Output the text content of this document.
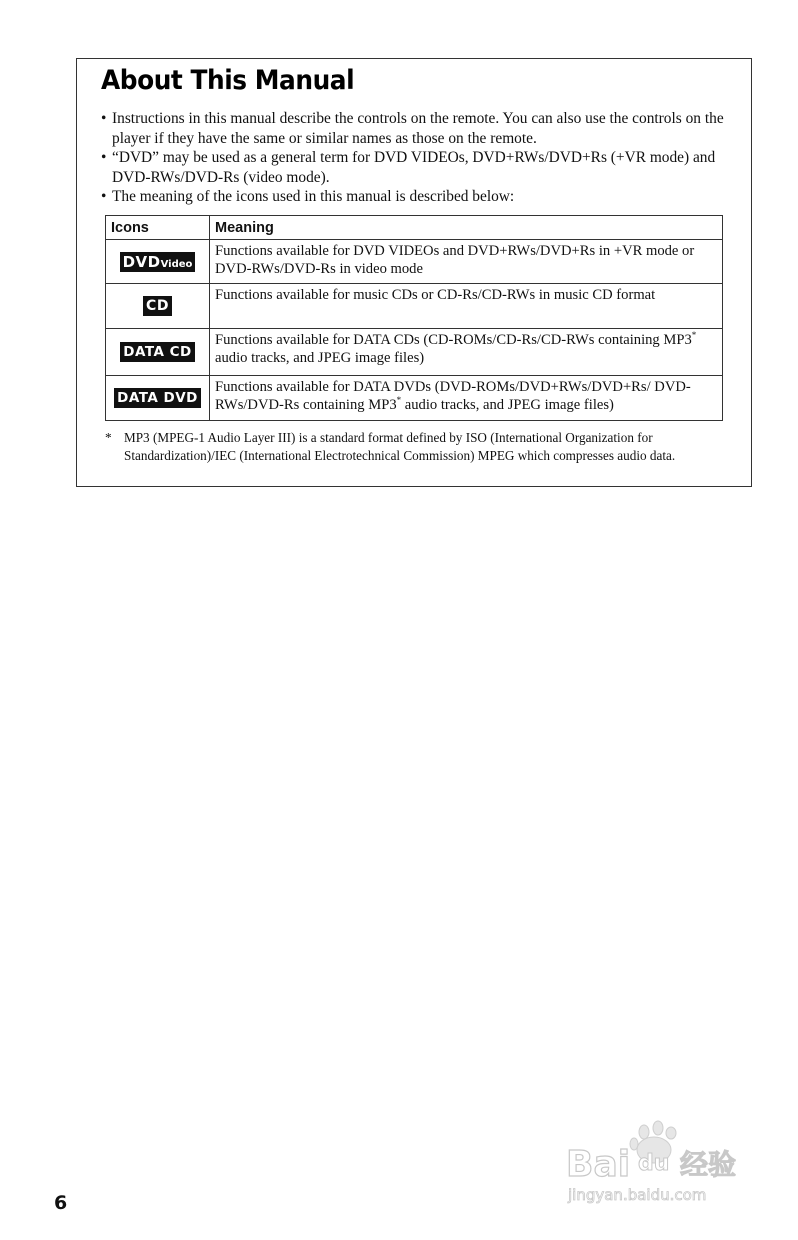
About This Manual
• Instructions in this manual describe the controls on the remote. You can also use the controls on the player if they have the same or similar names as those on the remote.
• “DVD” may be used as a general term for DVD VIDEOs, DVD+RWs/DVD+Rs (+VR mode) and DVD-RWs/DVD-Rs (video mode).
• The meaning of the icons used in this manual is described below:
Icons	Meaning
DVDVideo	Functions available for DVD VIDEOs and DVD+RWs/DVD+Rs in +VR mode or DVD-RWs/DVD-Rs in video mode
CD	Functions available for music CDs or CD-Rs/CD-RWs in music CD format
DATA CD	Functions available for DATA CDs (CD-ROMs/CD-Rs/CD-RWs containing MP3* audio tracks, and JPEG image files)
DATA DVD	Functions available for DATA DVDs (DVD-ROMs/DVD+RWs/DVD+Rs/ DVD-RWs/DVD-Rs containing MP3* audio tracks, and JPEG image files)
* MP3 (MPEG-1 Audio Layer III) is a standard format defined by ISO (International Organization for Standardization)/IEC (International Electrotechnical Commission) MPEG which compresses audio data.
6
Bai du 经验
jingyan.baidu.com
